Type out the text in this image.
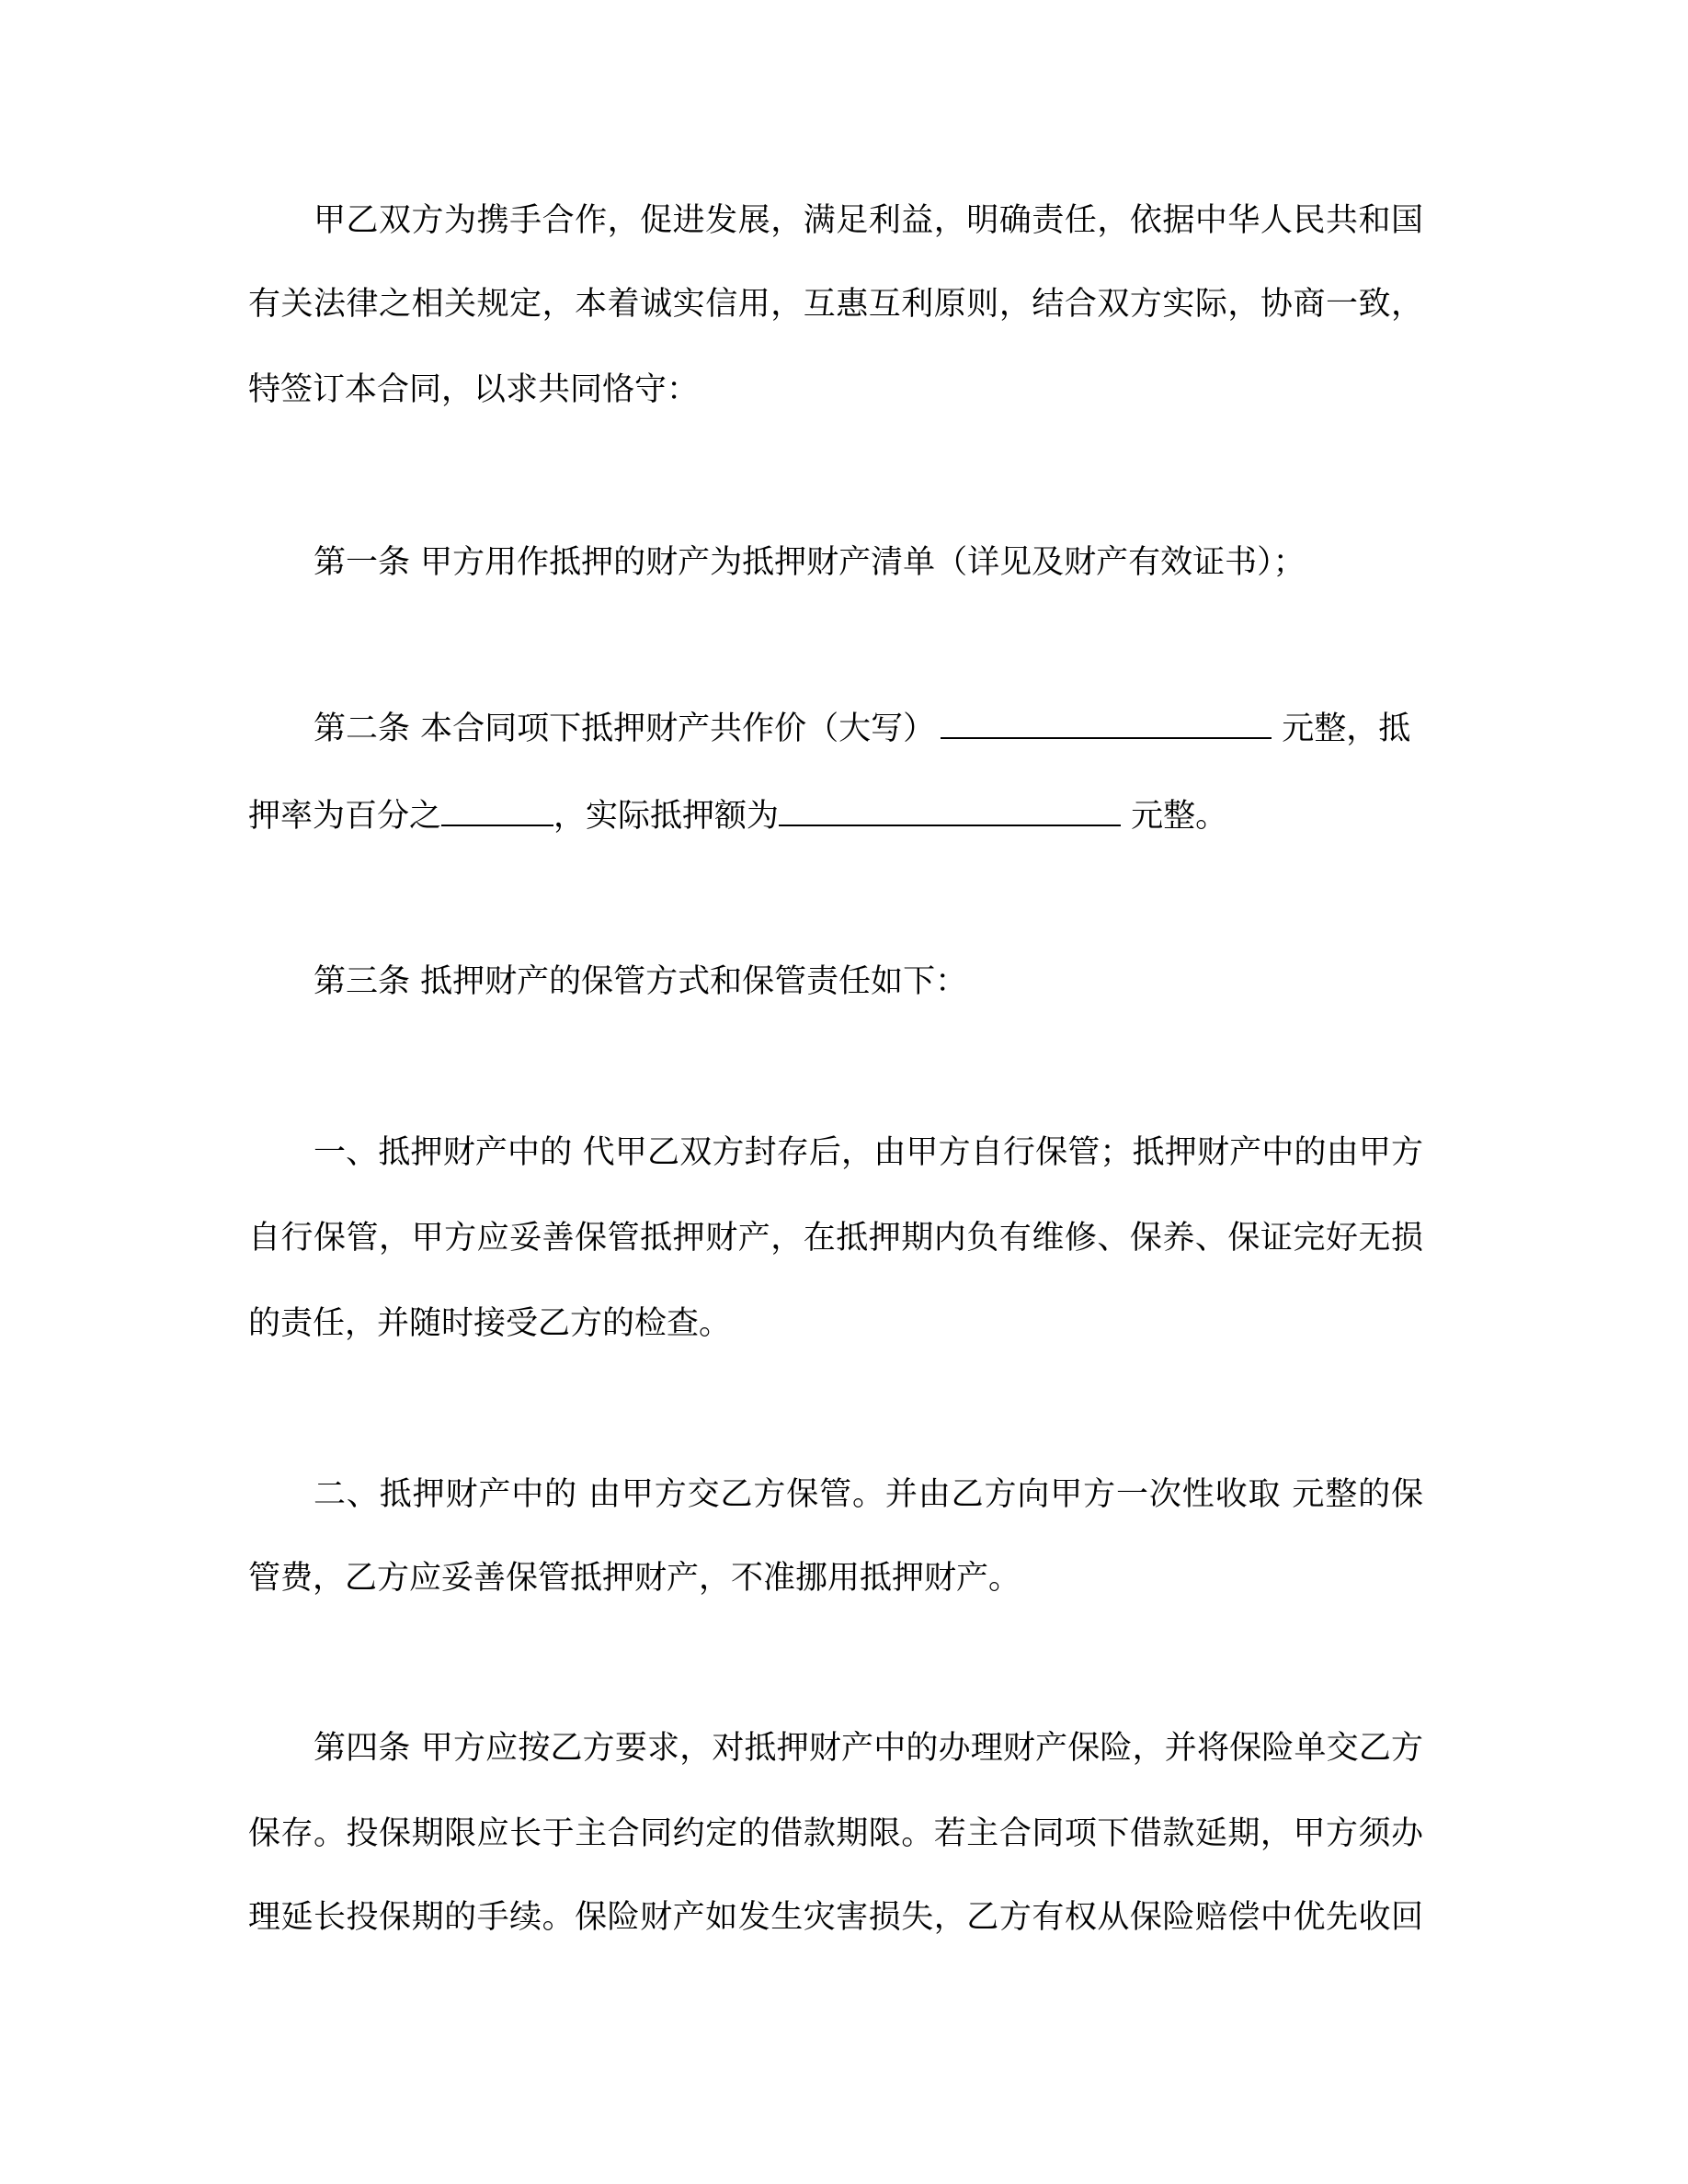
甲乙双方为携手合作，促进发展，满足利益，明确责任，依据中华人民共和国
有关法律之相关规定，本着诚实信用，互惠互利原则，结合双方实际，协商一致，
特签订本合同，以求共同恪守：
第一条 甲方用作抵押的财产为抵押财产清单（详见及财产有效证书）；
第二条 本合同项下抵押财产共作价（大写）	元整，抵
押率为百分之	，实际抵押额为	元整。
第三条 抵押财产的保管方式和保管责任如下：
一、抵押财产中的 代甲乙双方封存后，由甲方自行保管；抵押财产中的由甲方
自行保管，甲方应妥善保管抵押财产，在抵押期内负有维修、保养、保证完好无损
的责任，并随时接受乙方的检查。
二、抵押财产中的 由甲方交乙方保管。并由乙方向甲方一次性收取 元整的保
管费，乙方应妥善保管抵押财产，不准挪用抵押财产。
第四条 甲方应按乙方要求，对抵押财产中的办理财产保险，并将保险单交乙方
保存。投保期限应长于主合同约定的借款期限。若主合同项下借款延期，甲方须办
理延长投保期的手续。保险财产如发生灾害损失，乙方有权从保险赔偿中优先收回
